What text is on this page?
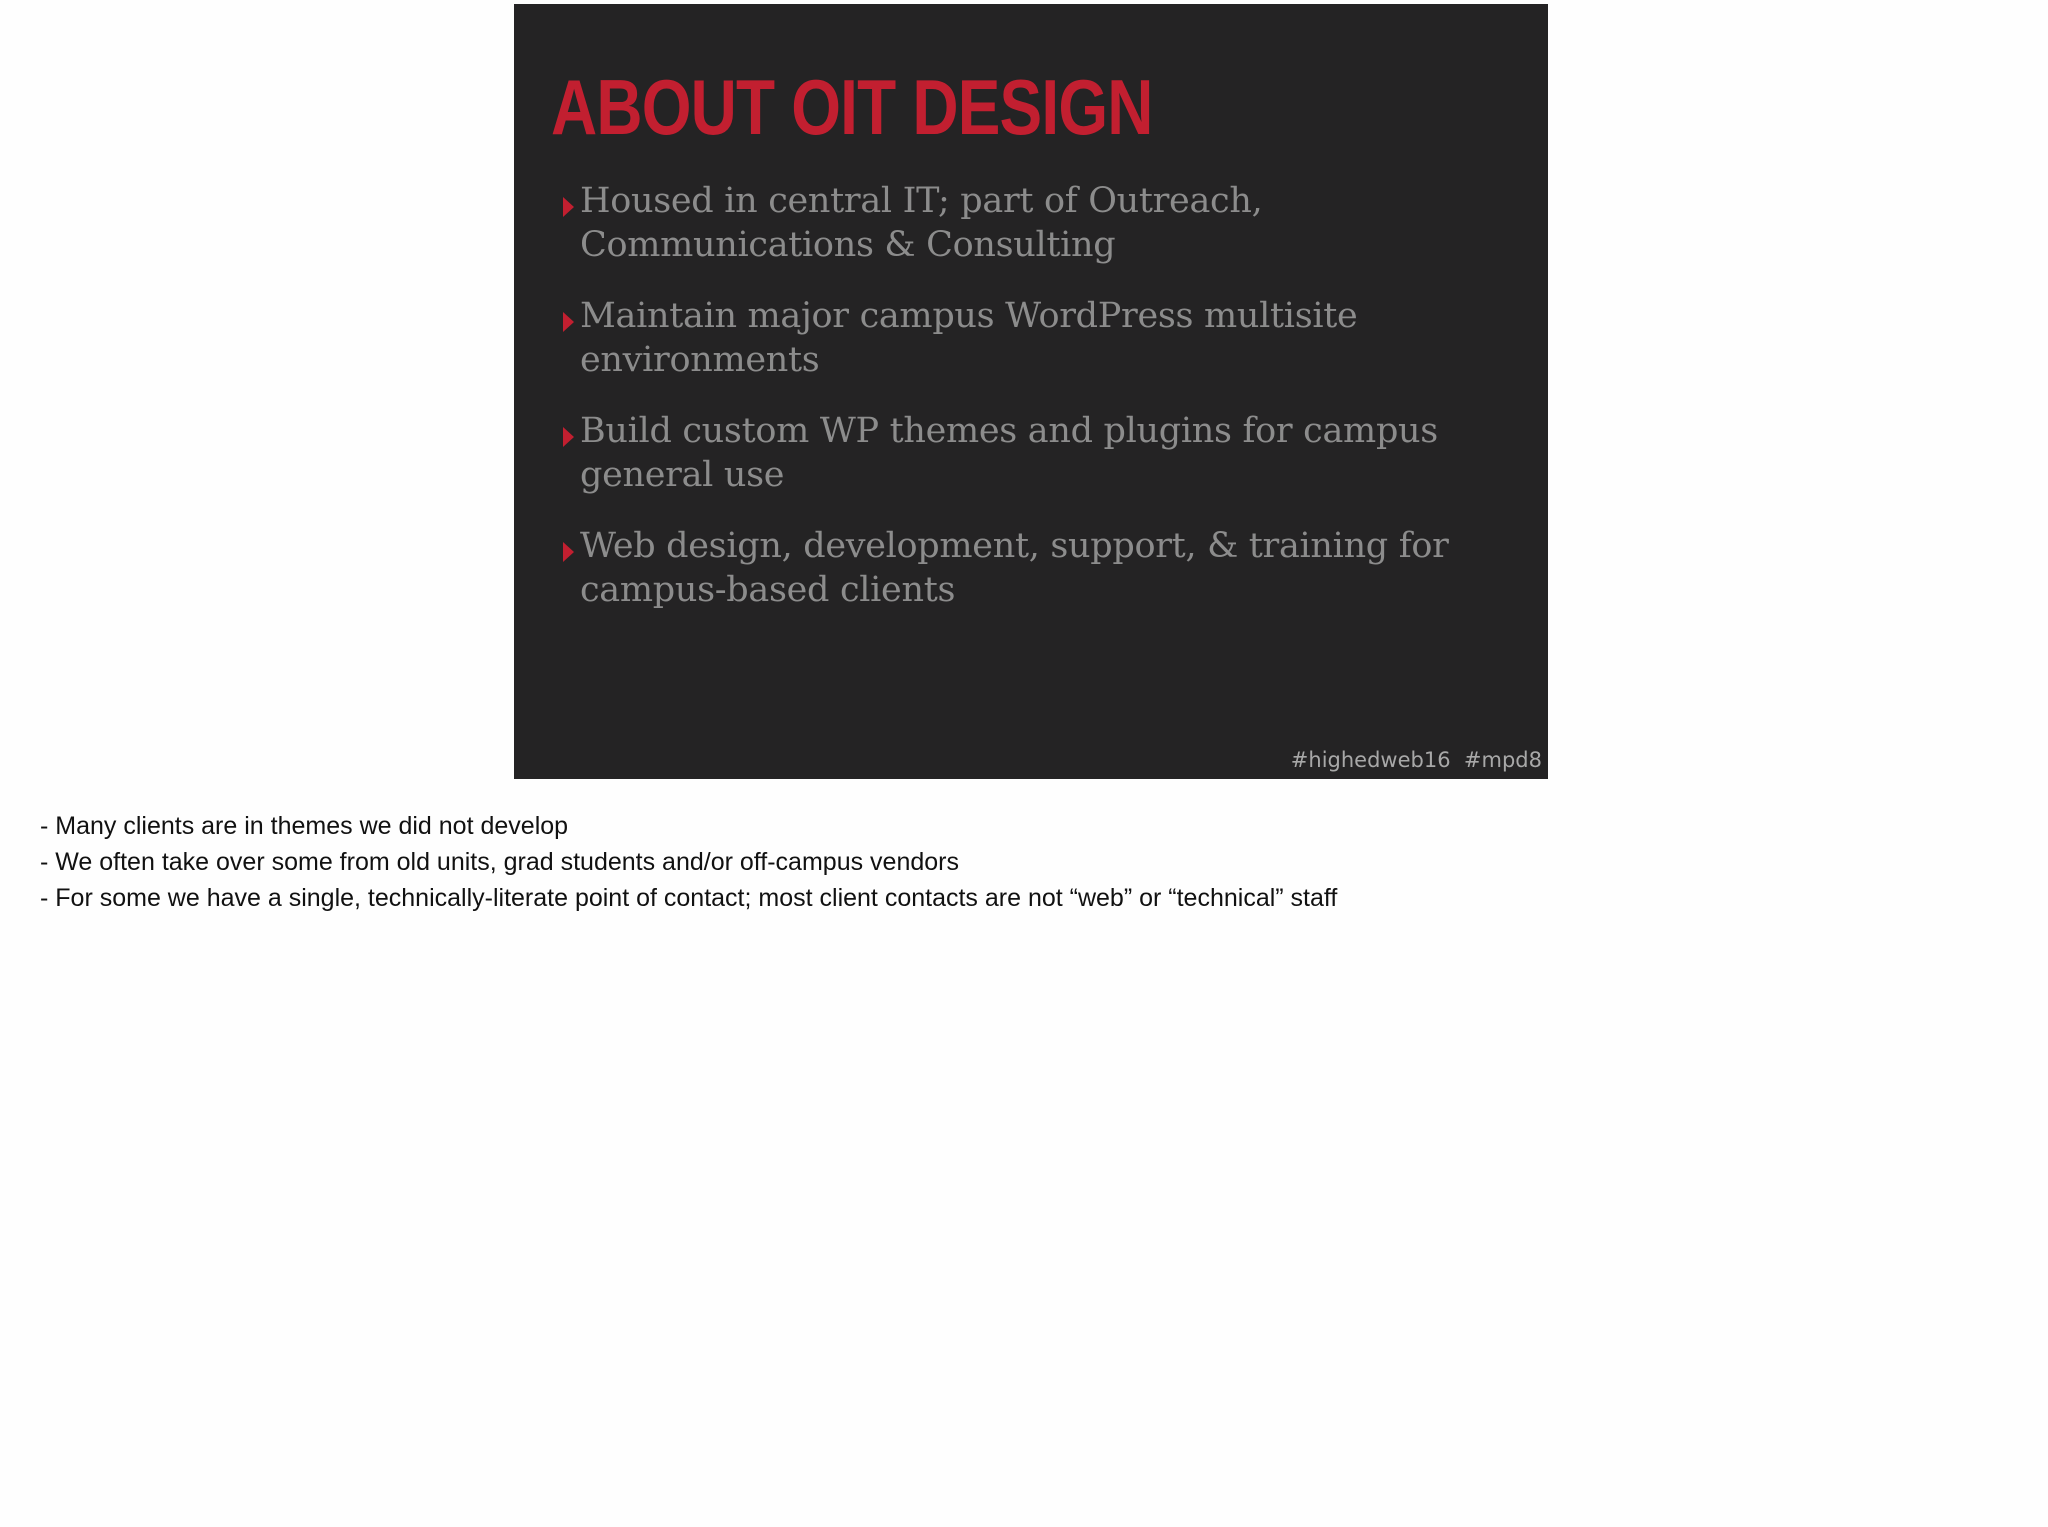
ABOUT OIT DESIGN
Housed in central IT; part of Outreach,
Communications & Consulting
Maintain major campus WordPress multisite
environments
Build custom WP themes and plugins for campus
general use
Web design, development, support, & training for
campus-based clients
#highedweb16  #mpd8
- Many clients are in themes we did not develop
- We often take over some from old units, grad students and/or off-campus vendors
- For some we have a single, technically-literate point of contact; most client contacts are not “web” or “technical” staff
